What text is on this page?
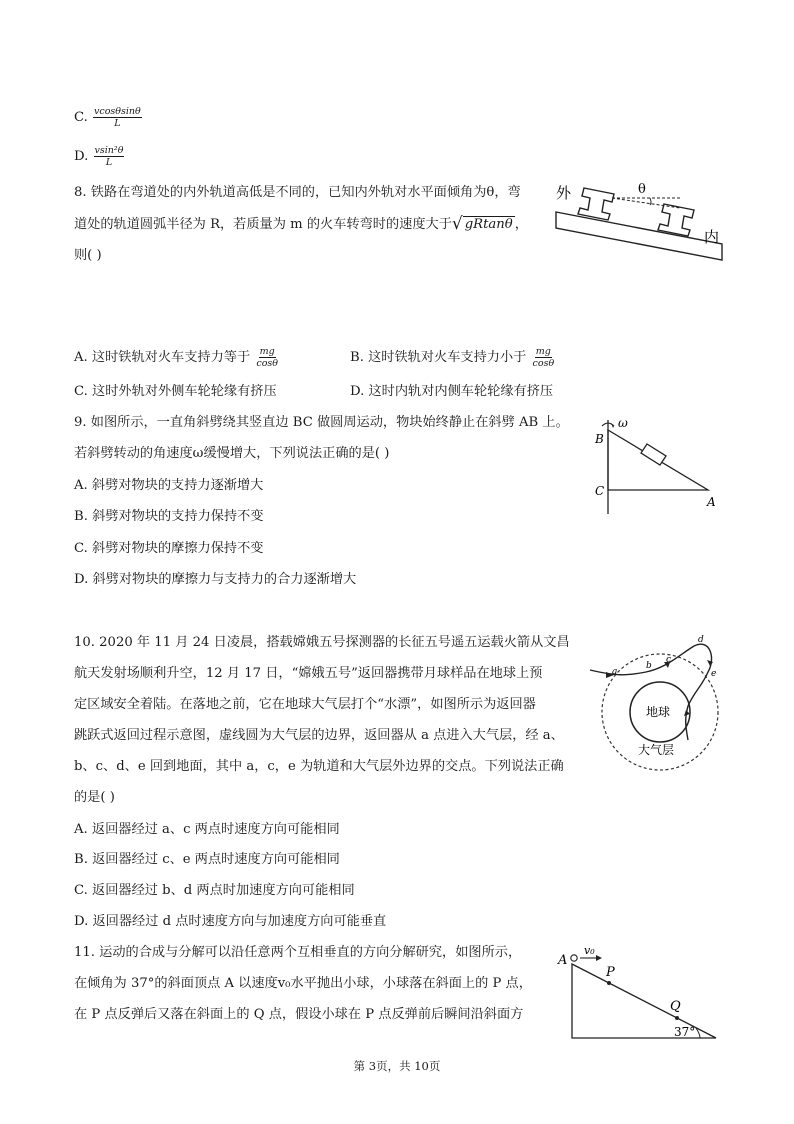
C. $\frac{vcos\theta\sin\theta}{L}$
D. $\frac{\text{vsin²θ}}{L}$
8. 铁路在弯道处的内外轨道高低是不同的，已知内外轨对水平面倾角为θ，弯
道处的轨道圆弧半径为 R，若质量为 m 的火车转弯时的速度大于√ gRtanθ ，
则( )
θ
外
内
A. 这时铁轨对火车支持力等于 $\frac{mg}{\cos\theta}$	B. 这时铁轨对火车支持力小于 $\frac{mg}{\cos\theta}$
C. 这时外轨对外侧车轮轮缘有挤压	D. 这时内轨对内侧车轮轮缘有挤压
9. 如图所示，一直角斜劈绕其竖直边 BC 做圆周运动，物块始终静止在斜劈 AB 上。
若斜劈转动的角速度ω缓慢增大，下列说法正确的是( )
A. 斜劈对物块的支持力逐渐增大
B. 斜劈对物块的支持力保持不变
C. 斜劈对物块的摩擦力保持不变
D. 斜劈对物块的摩擦力与支持力的合力逐渐增大
B
C
A
ω
10. 2020 年 11 月 24 日凌晨，搭载嫦娥五号探测器的长征五号遥五运载火箭从文昌
航天发射场顺利升空，12 月 17 日，“嫦娥五号”返回器携带月球样品在地球上预
定区域安全着陆。在落地之前，它在地球大气层打个“水漂”，如图所示为返回器
跳跃式返回过程示意图，虚线圆为大气层的边界，返回器从 a 点进入大气层，经 a、
b、c、d、e 回到地面，其中 a，c，e 为轨道和大气层外边界的交点。下列说法正确
的是( )
A. 返回器经过 a、c 两点时速度方向可能相同
B. 返回器经过 c、e 两点时速度方向可能相同
C. 返回器经过 b、d 两点时加速度方向可能相同
D. 返回器经过 d 点时速度方向与加速度方向可能垂直
a
b
c
d
e
地球
大气层
11. 运动的合成与分解可以沿任意两个互相垂直的方向分解研究，如图所示，
在倾角为 37°的斜面顶点 A 以速度v₀水平抛出小球，小球落在斜面上的 P 点，
在 P 点反弹后又落在斜面上的 Q 点，假设小球在 P 点反弹前后瞬间沿斜面方
A
v₀
P
Q
37°
第 3页，共 10页
